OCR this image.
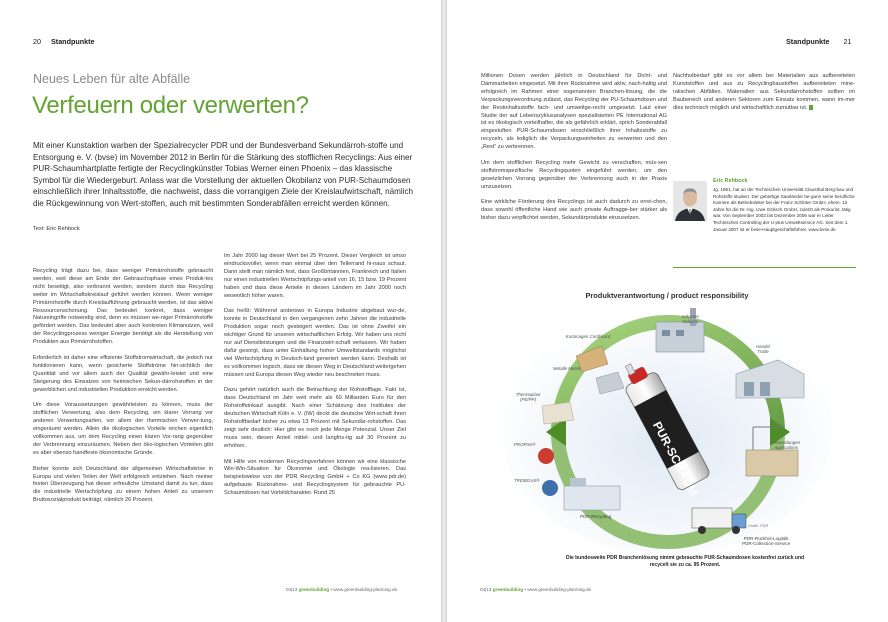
20 Standpunkte
Neues Leben für alte Abfälle
Verfeuern oder verwerten?
Mit einer Kunstaktion warben der Spezialrecycler PDR und der Bundesverband Sekundärroh-stoffe und Entsorgung e. V. (bvse) im November 2012 in Berlin für die Stärkung des stofflichen Recyclings: Aus einer PUR-Schaumhartplatte fertigte der Recyclingkünstler Tobias Werner einen Phoenix – das klassische Symbol für die Wiedergeburt. Anlass war die Vorstellung der aktuellen Ökobilanz von PUR-Schaumdosen einschließlich ihrer Inhaltsstoffe, die nachweist, dass die vorrangigen Ziele der Kreislaufwirtschaft, nämlich die Rückgewinnung von Wert-stoffen, auch mit bestimmten Sonderabfällen erreicht werden können.
Text: Eric Rehbock

Recycling trägt dazu bei, dass weniger Primärrohstoffe gebraucht werden, weil diese am Ende der Gebrauchsphase eines Produk-tes nicht beseitigt, also verbrannt werden, sondern durch das Recycling weiter im Wirtschaftskreislauf geführt werden können. Wenn weniger Primärrohstoffe durch Kreislaufführung gebraucht werden, ist das aktive Ressourcenschonung. Das bedeutet konkret, dass weniger Natureingriffe notwendig sind, denn es müssen we-niger Primärrohstoffe gefördert werden. Das bedeutet aber auch konkreten Klimanutzen, weil der Recyclingprozess weniger Energie benötigt als die Herstellung von Produkten aus Primärrohstoffen.

Erforderlich ist daher eine effiziente Stoffstromwirtschaft, die jedoch nur funktionieren kann, wenn gesicherte Stoffströme hin-sichtlich der Quantität und vor allem auch der Qualität gewähr-leistet und eine Steigerung des Einsatzes von heimischen Sekun-därrohstoffen in der gewerblichen und industriellen Produktion erreicht werden.

Um diese Voraussetzungen gewährleisten zu können, muss der stofflichen Verwertung, also dem Recycling, ein klarer Vorrang vor anderen Verwertungsarten, vor allem der thermischen Verwer-tung, eingeräumt werden. Allein die ökologischen Vorteile reichen eigentlich vollkommen aus, um dem Recycling einen klaren Vor-rang gegenüber der Verbrennung einzuräumen. Neben den öko-logischen Vorteilen gibt es aber ebenso handfeste ökonomische Gründe.

Bisher konnte sich Deutschland der allgemeinen Wirtschaftskrise in Europa und vielen Teilen der Welt erfolgreich entziehen. Nach meiner festen Überzeugung hat dieser erfreuliche Umstand damit zu tun, dass die industrielle Wertschöpfung zu einem hohen Anteil zu unserem Bruttosozialprodukt beiträgt, nämlich 26 Prozent.

Im Jahr 2000 lag dieser Wert bei 25 Prozent. Dieser Vergleich ist umso eindrucksvoller, wenn man einmal über den Tellerrand hi-naus schaut. Dann stellt man nämlich fest, dass Großbritannien, Frankreich und Italien nur einen industriellen Wertschöpfungs-anteil von 16, 15 bzw. 19 Prozent haben und dass diese Anteile in diesen Ländern im Jahr 2000 noch wesentlich höher waren.

Das heißt: Während anderswo in Europa Industrie abgebaut wur-de, konnte in Deutschland in den vergangenen zehn Jahren die industrielle Produktion sogar noch gesteigert werden. Das ist ohne Zweifel ein wichtiger Grund für unseren wirtschaftlichen Erfolg. Wir haben uns nicht nur auf Dienstleistungen und die Finanzwirt-schaft verlassen. Wir haben dafür gesorgt, dass unter Einhaltung hoher Umweltstandards möglichst viel Wertschöpfung in Deutsch-land generiert werden kann. Deshalb ist es vollkommen logisch, dass wir diesen Weg in Deutschland weitergehen müssen und Europa diesen Weg wieder neu beschreiten muss.

Dazu gehört natürlich auch die Betrachtung der Rohstofflage. Fakt ist, dass Deutschland im Jahr weit mehr als 60 Milliarden Euro für den Rohstoffeinkauf ausgibt. Nach einer Schätzung des Institutes der deutschen Wirtschaft Köln e. V. (IW) deckt die deutsche Wirt-schaft ihren Rohstoffbedarf bisher zu etwa 13 Prozent mit Sekundär-rohstoffen. Das zeigt sehr deutlich: Hier gibt es noch jede Menge Potenzial. Unser Ziel muss sein, diesen Anteil mittel- und langfris-tig auf 30 Prozent zu erhöhen.

Mit Hilfe von modernen Recyclingverfahren können wir eine klassische Win-Win-Situation für Ökonomie und Ökologie rea-lisieren. Das beispielsweise von der PDR Recycling GmbH + Co KG (www.pdr.de) aufgebaute Rücknahme- und Recyclingsystem für gebrauchte PU-Schaumdosen hat Vorbildcharakter. Rund 25

04|13 greenbuilding • www.greenbuilding-planning.de
Standpunkte 21

Millionen Dosen werden jährlich in Deutschland für Dicht- und Dämmarbeiten eingesetzt. Mit ihrer Rücknahme wird aktiv, nach-haltig und erfolgreich im Rahmen einer sogenannten Branchen-lösung, die die Verpackungsverordnung zulässt, das Recycling der PU-Schaumdosen und der Restinhaltsstoffe fach- und umweltge-recht umgesetzt. Laut einer Studie der auf Lebenszyklusanalysen spezialisierten PE International AG ist es ökologisch vorteilhafter, die als gefährlich erklärt, sprich Sonderabfall eingestuften PUR-Schaumdosen einschließlich ihrer Inhaltsstoffe zu recyceln, als lediglich die Verpackungseinheiten zu verwerten und den „Rest“ zu verbrennen.

Um dem stofflichen Recycling mehr Gewicht zu verschaffen, müs-sen stoffstromspezifische Recyclingquoten eingeführt werden, um den gesetzlichen Vorrang gegenüber der Verbrennung auch in der Praxis umzusetzen.

Eine wirkliche Förderung des Recyclings ist auch dadurch zu errei-chen, dass sowohl öffentliche Hand wie auch private Auftragge-ber stärker als bisher dazu verpflichtet werden, Sekundärprodukte einzusetzen.

Nachholbedarf gibt es vor allem bei Materialien aus aufbereiteten Kunststoffen und aus zu Recyclingbaustoffen aufbereiteten mine-ralischen Abfällen. Materialien aus Sekundärrohstoffen sollten im Baubereich und anderen Sektoren zum Einsatz kommen, wann im-mer dies technisch möglich und wirtschaftlich zumutbar ist.

Eric Rehbock
Jg. 1961, hat an der Technischen Universität Clausthal Berg-bau und Rohstoffe studiert. Der gebürtige Saarländer be-gann seine berufliche Karriere als Betriebsleiter bei der Franz Schlüter GmbH, ehem. 12 Jahre für die Dr.-Ing. Uwe Görisch GmbH, zuletzt als Prokurist, tätig war. Von September 2003 bis Dezember 2006 war er Leiter Technisches Controlling der U-plus Umweltservice AG. Seit dem 1. Januar 2007 ist er bvse-Hauptgeschäftsführer. www.bvse.de
PUR-SCHAUM
Produktverantwortung / product responsibility
Industrie
Industry
Handel
Trade
Anwendungen
Applications
PDR-Rückhol-Logistik
PDR-Collection-Service
PDR-Recycling
Kartonagen Cardboard
Metalle Metals
Thermoplast (PE/PP)
PROPAN®
TREIBGAS®
Grafik: PDR
Die bundesweite PDR Branchenlösung nimmt gebrauchte PUR-Schaumdosen kostenfrei zurück und recycelt sie zu ca. 95 Prozent.
04|13 greenbuilding • www.greenbuilding-planning.de
